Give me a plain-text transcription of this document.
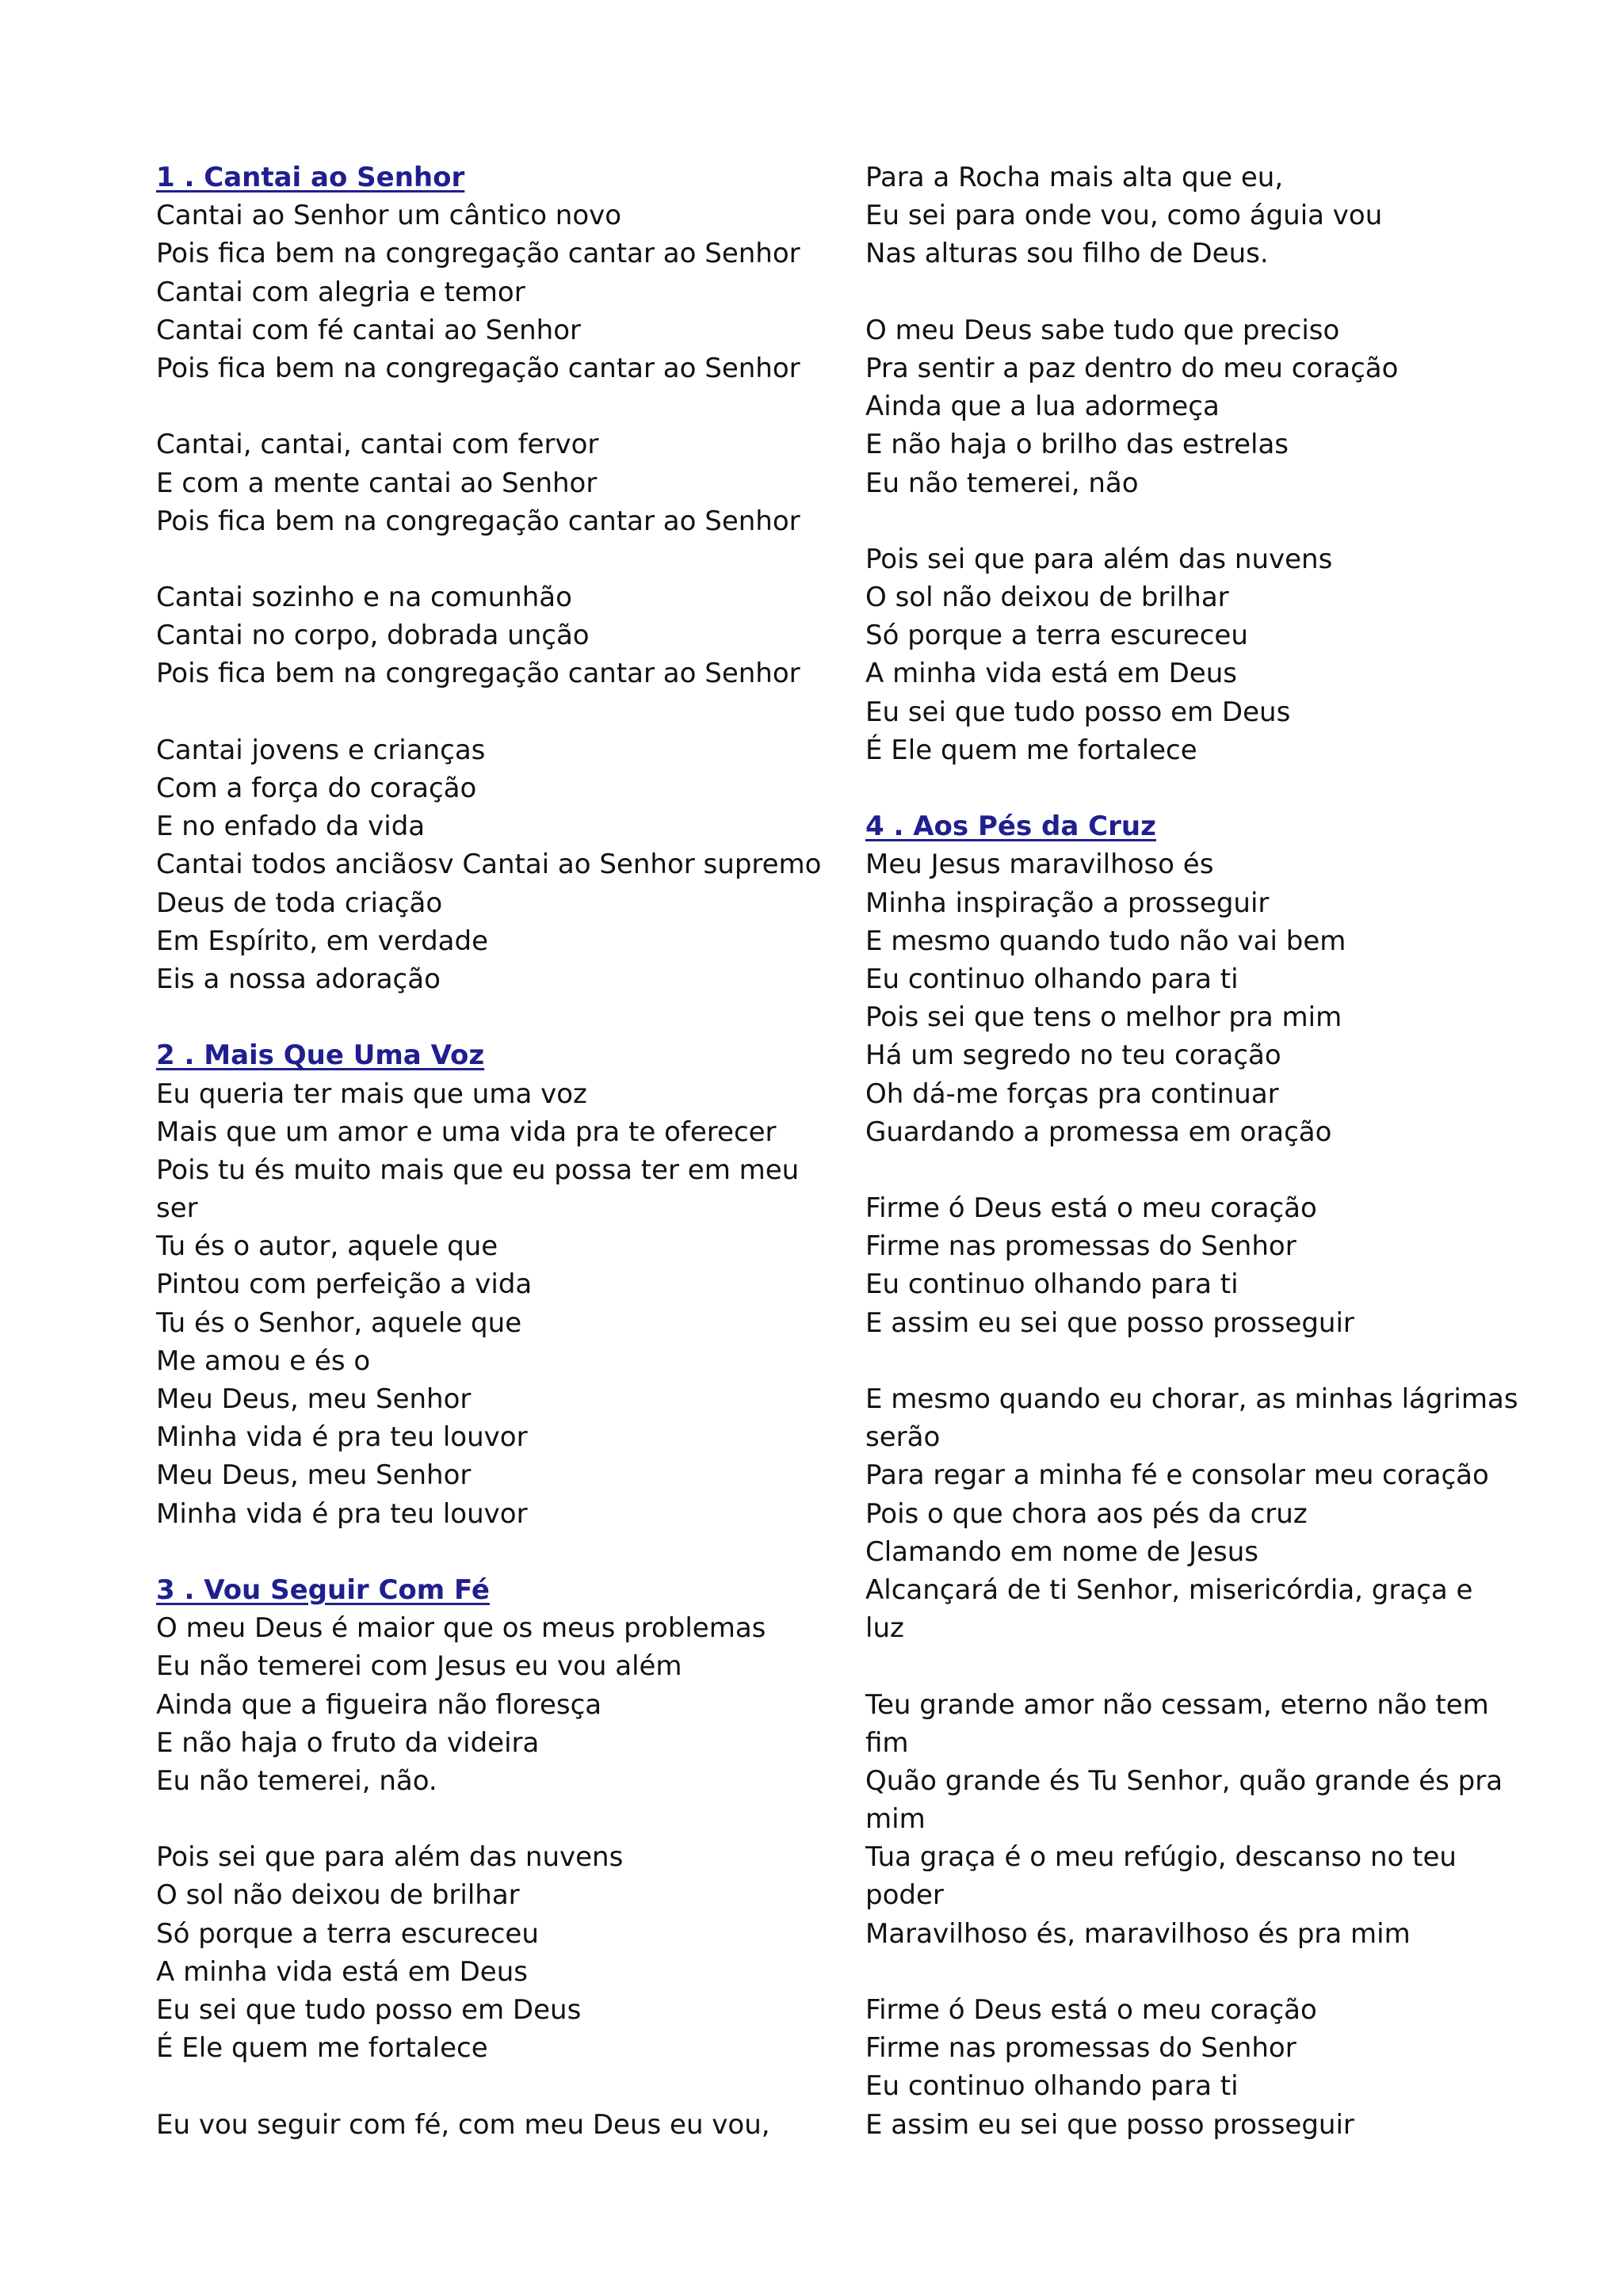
1 . Cantai ao Senhor
Cantai ao Senhor um cântico novo
Pois fica bem na congregação cantar ao Senhor
Cantai com alegria e temor
Cantai com fé cantai ao Senhor
Pois fica bem na congregação cantar ao Senhor
Cantai, cantai, cantai com fervor
E com a mente cantai ao Senhor
Pois fica bem na congregação cantar ao Senhor
Cantai sozinho e na comunhão
Cantai no corpo, dobrada unção
Pois fica bem na congregação cantar ao Senhor
Cantai jovens e crianças
Com a força do coração
E no enfado da vida
Cantai todos anciãosv Cantai ao Senhor supremo
Deus de toda criação
Em Espírito, em verdade
Eis a nossa adoração
2 . Mais Que Uma Voz
Eu queria ter mais que uma voz
Mais que um amor e uma vida pra te oferecer
Pois tu és muito mais que eu possa ter em meu
ser
Tu és o autor, aquele que
Pintou com perfeição a vida
Tu és o Senhor, aquele que
Me amou e és o
Meu Deus, meu Senhor
Minha vida é pra teu louvor
Meu Deus, meu Senhor
Minha vida é pra teu louvor
3 . Vou Seguir Com Fé
O meu Deus é maior que os meus problemas
Eu não temerei com Jesus eu vou além
Ainda que a figueira não floresça
E não haja o fruto da videira
Eu não temerei, não.
Pois sei que para além das nuvens
O sol não deixou de brilhar
Só porque a terra escureceu
A minha vida está em Deus
Eu sei que tudo posso em Deus
É Ele quem me fortalece
Eu vou seguir com fé, com meu Deus eu vou,
Para a Rocha mais alta que eu,
Eu sei para onde vou, como águia vou
Nas alturas sou filho de Deus.
O meu Deus sabe tudo que preciso
Pra sentir a paz dentro do meu coração
Ainda que a lua adormeça
E não haja o brilho das estrelas
Eu não temerei, não
Pois sei que para além das nuvens
O sol não deixou de brilhar
Só porque a terra escureceu
A minha vida está em Deus
Eu sei que tudo posso em Deus
É Ele quem me fortalece
4 . Aos Pés da Cruz
Meu Jesus maravilhoso és
Minha inspiração a prosseguir
E mesmo quando tudo não vai bem
Eu continuo olhando para ti
Pois sei que tens o melhor pra mim
Há um segredo no teu coração
Oh dá-me forças pra continuar
Guardando a promessa em oração
Firme ó Deus está o meu coração
Firme nas promessas do Senhor
Eu continuo olhando para ti
E assim eu sei que posso prosseguir
E mesmo quando eu chorar, as minhas lágrimas
serão
Para regar a minha fé e consolar meu coração
Pois o que chora aos pés da cruz
Clamando em nome de Jesus
Alcançará de ti Senhor, misericórdia, graça e
luz
Teu grande amor não cessam, eterno não tem
fim
Quão grande és Tu Senhor, quão grande és pra
mim
Tua graça é o meu refúgio, descanso no teu
poder
Maravilhoso és, maravilhoso és pra mim
Firme ó Deus está o meu coração
Firme nas promessas do Senhor
Eu continuo olhando para ti
E assim eu sei que posso prosseguir
